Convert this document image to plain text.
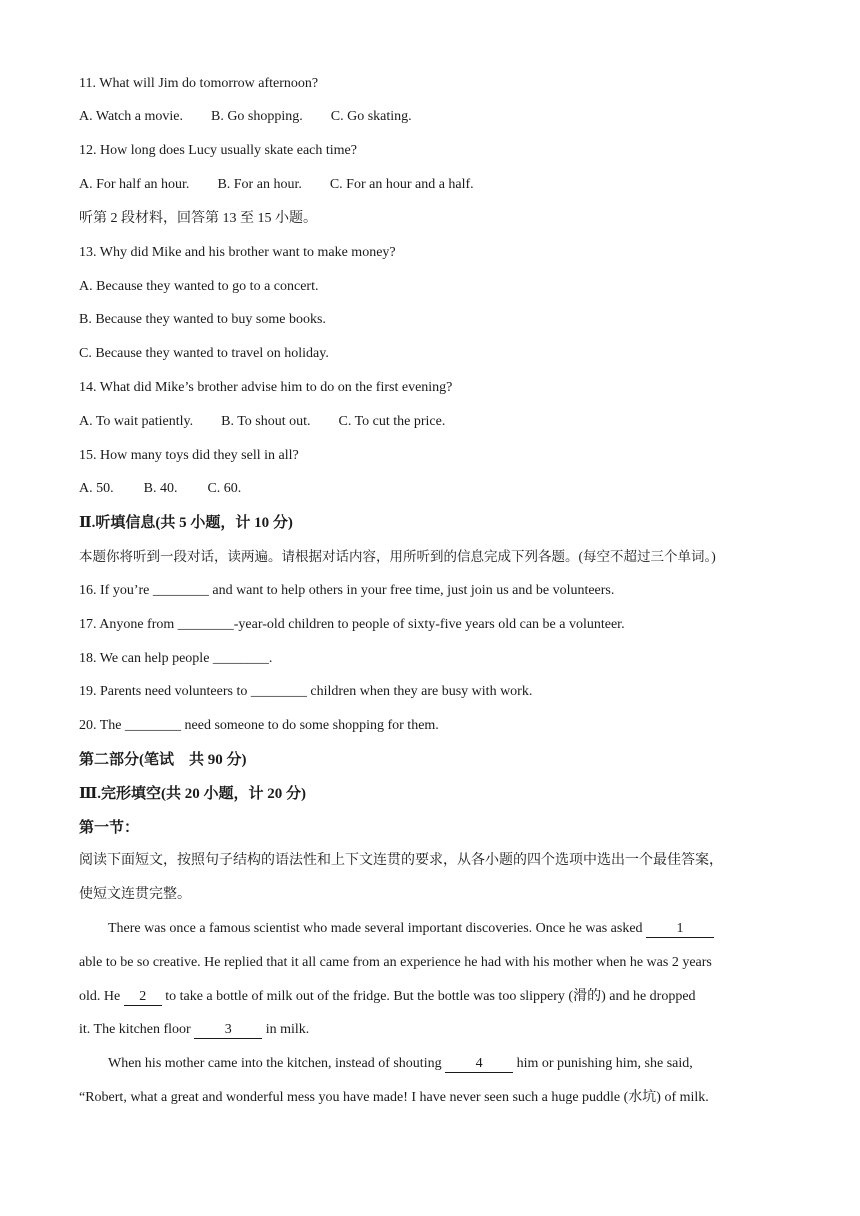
11. What will Jim do tomorrow afternoon?
A. Watch a movie. B. Go shopping. C. Go skating.
12. How long does Lucy usually skate each time?
A. For half an hour. B. For an hour. C. For an hour and a half.
听第 2 段材料，回答第 13 至 15 小题。
13. Why did Mike and his brother want to make money?
A. Because they wanted to go to a concert.
B. Because they wanted to buy some books.
C. Because they wanted to travel on holiday.
14. What did Mike’s brother advise him to do on the first evening?
A. To wait patiently. B. To shout out. C. To cut the price.
15. How many toys did they sell in all?
A. 50. B. 40. C. 60.
Ⅱ.听填信息(共 5 小题，计 10 分)
本题你将听到一段对话，读两遍。请根据对话内容，用所听到的信息完成下列各题。(每空不超过三个单词。)
16. If you’re ________ and want to help others in your free time, just join us and be volunteers.
17. Anyone from ________-year-old children to people of sixty-five years old can be a volunteer.
18. We can help people ________.
19. Parents need volunteers to ________ children when they are busy with work.
20. The ________ need someone to do some shopping for them.
第二部分(笔试　共 90 分)
Ⅲ.完形填空(共 20 小题，计 20 分)
第一节：
阅读下面短文，按照句子结构的语法性和上下文连贯的要求，从各小题的四个选项中选出一个最佳答案，
使短文连贯完整。
There was once a famous scientist who made several important discoveries. Once he was asked 1
able to be so creative. He replied that it all came from an experience he had with his mother when he was 2 years
old. He 2 to take a bottle of milk out of the fridge. But the bottle was too slippery (滑的) and he dropped
it. The kitchen floor 3 in milk.
When his mother came into the kitchen, instead of shouting 4 him or punishing him, she said,
“Robert, what a great and wonderful mess you have made! I have never seen such a huge puddle (水坑) of milk.
